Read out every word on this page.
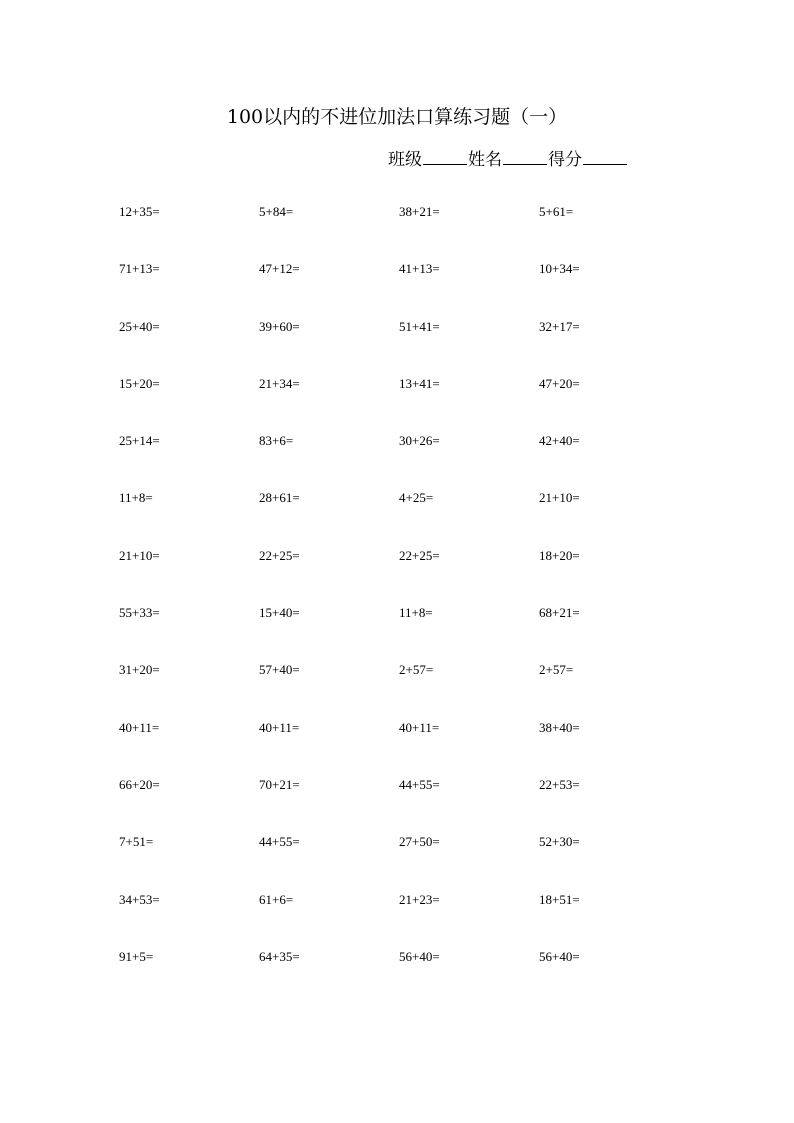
100以内的不进位加法口算练习题（一）
班级	姓名	得分
12+35=	5+84=	38+21=	5+61=
71+13=	47+12=	41+13=	10+34=
25+40=	39+60=	51+41=	32+17=
15+20=	21+34=	13+41=	47+20=
25+14=	83+6=	30+26=	42+40=
11+8=	28+61=	4+25=	21+10=
21+10=	22+25=	22+25=	18+20=
55+33=	15+40=	11+8=	68+21=
31+20=	57+40=	2+57=	2+57=
40+11=	40+11=	40+11=	38+40=
66+20=	70+21=	44+55=	22+53=
7+51=	44+55=	27+50=	52+30=
34+53=	61+6=	21+23=	18+51=
91+5=	64+35=	56+40=	56+40=
